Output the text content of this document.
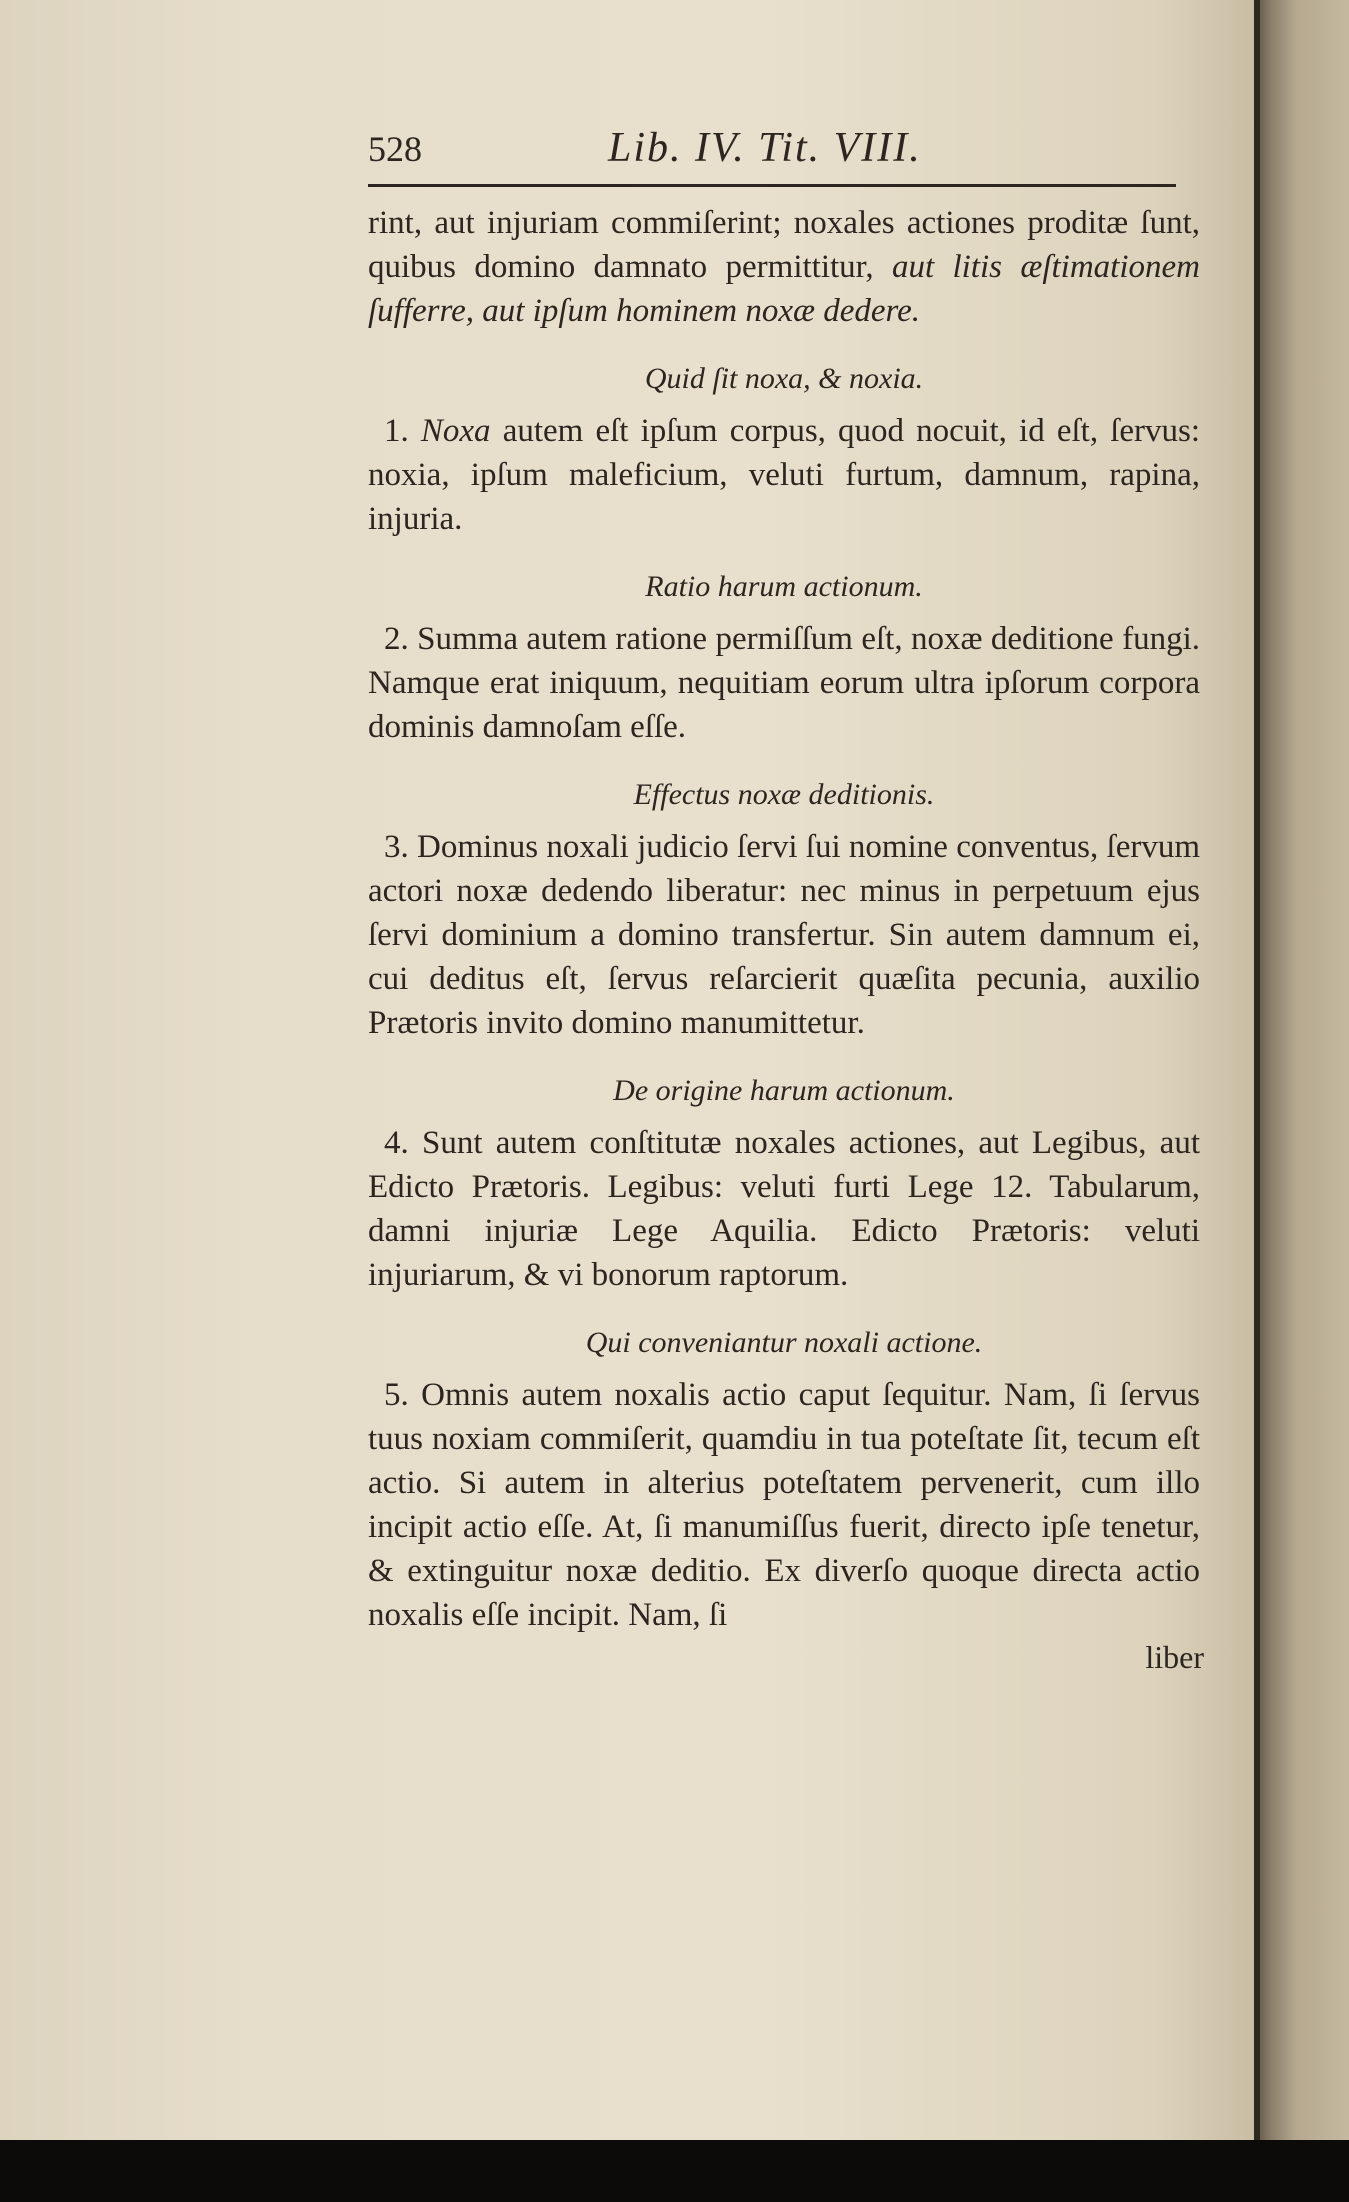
528	Lib. IV. Tit. VIII.

rint, aut injuriam commiſerint; noxales actiones proditæ ſunt, quibus domino damnato permittitur, aut litis æſtimationem ſufferre, aut ipſum hominem noxæ dedere.

Quid ſit noxa, & noxia.

1. Noxa autem eſt ipſum corpus, quod nocuit, id eſt, ſervus: noxia, ipſum maleficium, veluti furtum, damnum, rapina, injuria.

Ratio harum actionum.

2. Summa autem ratione permiſſum eſt, noxæ deditione fungi. Namque erat iniquum, nequitiam eorum ultra ipſorum corpora dominis damnoſam eſſe.

Effectus noxæ deditionis.

3. Dominus noxali judicio ſervi ſui nomine conventus, ſervum actori noxæ dedendo liberatur: nec minus in perpetuum ejus ſervi dominium a domino transfertur. Sin autem damnum ei, cui deditus eſt, ſervus reſarcierit quæſita pecunia, auxilio Prætoris invito domino manumittetur.

De origine harum actionum.

4. Sunt autem conſtitutæ noxales actiones, aut Legibus, aut Edicto Prætoris. Legibus: veluti furti Lege 12. Tabularum, damni injuriæ Lege Aquilia. Edicto Prætoris: veluti injuriarum, & vi bonorum raptorum.

Qui conveniantur noxali actione.

5. Omnis autem noxalis actio caput ſequitur. Nam, ſi ſervus tuus noxiam commiſerit, quamdiu in tua poteſtate ſit, tecum eſt actio. Si autem in alterius poteſtatem pervenerit, cum illo incipit actio eſſe. At, ſi manumiſſus fuerit, directo ipſe tenetur, & extinguitur noxæ deditio. Ex diverſo quoque directa actio noxalis eſſe incipit. Nam, ſi

liber
